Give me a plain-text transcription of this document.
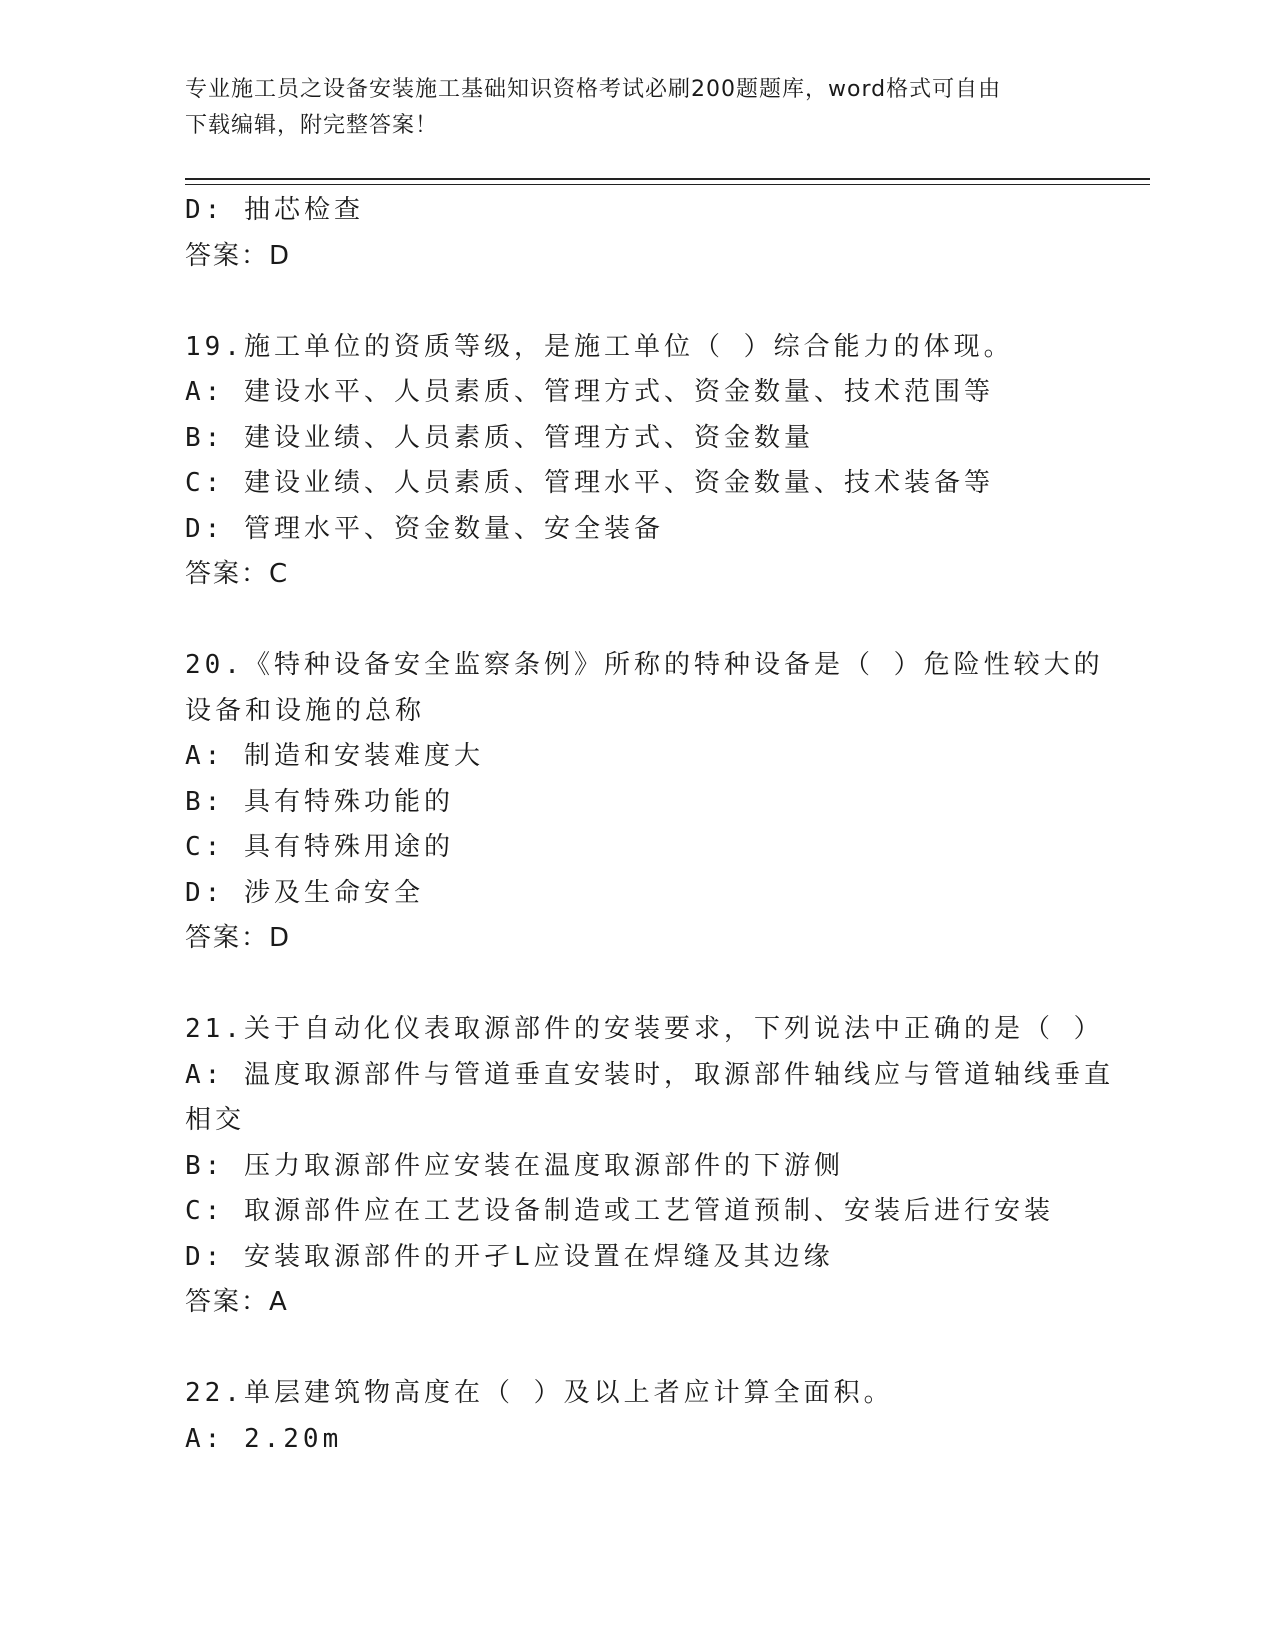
专业施工员之设备安装施工基础知识资格考试必刷200题题库，word格式可自由
下载编辑，附完整答案！
D: 抽芯检查
答案：D
19.施工单位的资质等级，是施工单位（ ）综合能力的体现。
A: 建设水平、人员素质、管理方式、资金数量、技术范围等
B: 建设业绩、人员素质、管理方式、资金数量
C: 建设业绩、人员素质、管理水平、资金数量、技术装备等
D: 管理水平、资金数量、安全装备
答案：C
20.《特种设备安全监察条例》所称的特种设备是（ ）危险性较大的
设备和设施的总称
A: 制造和安装难度大
B: 具有特殊功能的
C: 具有特殊用途的
D: 涉及生命安全
答案：D
21.关于自动化仪表取源部件的安装要求，下列说法中正确的是（ ）
A: 温度取源部件与管道垂直安装时，取源部件轴线应与管道轴线垂直
相交
B: 压力取源部件应安装在温度取源部件的下游侧
C: 取源部件应在工艺设备制造或工艺管道预制、安装后进行安装
D: 安装取源部件的开孑L应设置在焊缝及其边缘
答案：A
22.单层建筑物高度在（ ）及以上者应计算全面积。
A: 2.20m
